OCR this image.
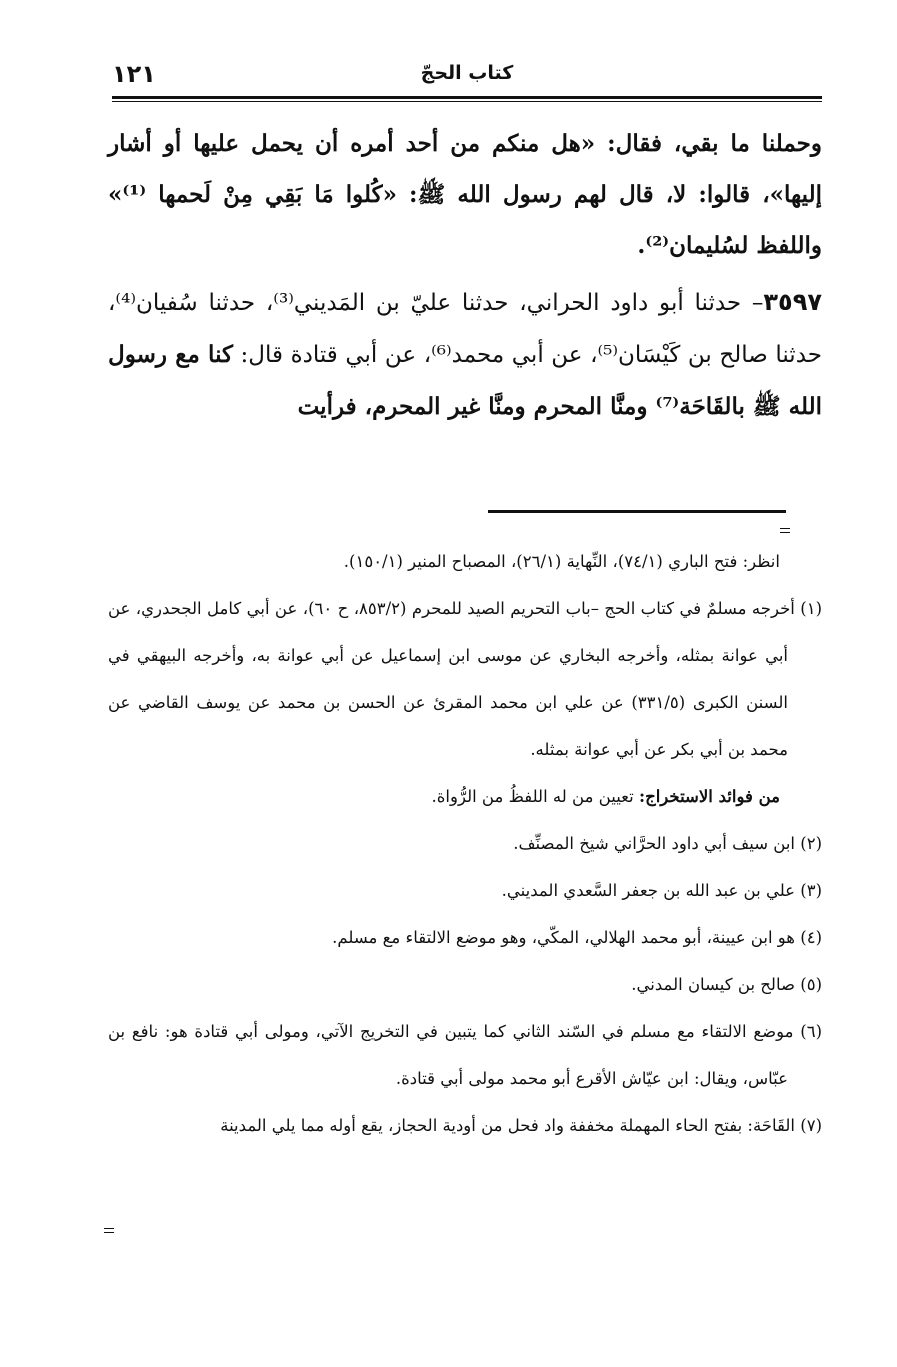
كتاب الحجّ
١٢١

وحملنا ما بقي، فقال: «هل منكم من أحد أمره أن يحمل عليها أو أشار إليها»، قالوا: لا، قال لهم رسول الله ﷺ: «كُلوا مَا بَقِي مِنْ لَحمها ⁽¹⁾» واللفظ لسُليمان⁽²⁾.

٣٥٩٧– حدثنا أبو داود الحراني، حدثنا عليّ بن المَديني⁽³⁾، حدثنا سُفيان⁽⁴⁾، حدثنا صالح بن كَيْسَان⁽⁵⁾، عن أبي محمد⁽⁶⁾، عن أبي قتادة قال: كنا مع رسول الله ﷺ بالقَاحَة⁽⁷⁾ ومنَّا المحرم ومنَّا غير المحرم، فرأيت

انظر: فتح الباري (٧٤/١)، النِّهاية (٢٦/١)، المصباح المنير (١٥٠/١).

(١) أخرجه مسلمٌ في كتاب الحج –باب التحريم الصيد للمحرم (٨٥٣/٢، ح ٦٠)، عن أبي كامل الجحدري، عن أبي عوانة بمثله، وأخرجه البخاري عن موسى ابن إسماعيل عن أبي عوانة به، وأخرجه البيهقي في السنن الكبرى (٣٣١/٥) عن علي ابن محمد المقرئ عن الحسن بن محمد عن يوسف القاضي عن محمد بن أبي بكر عن أبي عوانة بمثله.

من فوائد الاستخراج: تعيين من له اللفظُ من الرُّواة.

(٢) ابن سيف أبي داود الحرَّاني شيخ المصنِّف.

(٣) علي بن عبد الله بن جعفر السَّعدي المديني.

(٤) هو ابن عيينة، أبو محمد الهلالي، المكّي، وهو موضع الالتقاء مع مسلم.

(٥) صالح بن كيسان المدني.

(٦) موضع الالتقاء مع مسلم في السّند الثاني كما يتبين في التخريج الآتي، ومولى أبي قتادة هو: نافع بن عبّاس، ويقال: ابن عيّاش الأقرع أبو محمد مولى أبي قتادة.

(٧) القَاحَة: بفتح الحاء المهملة مخففة واد فحل من أودية الحجاز، يقع أوله مما يلي المدينة
